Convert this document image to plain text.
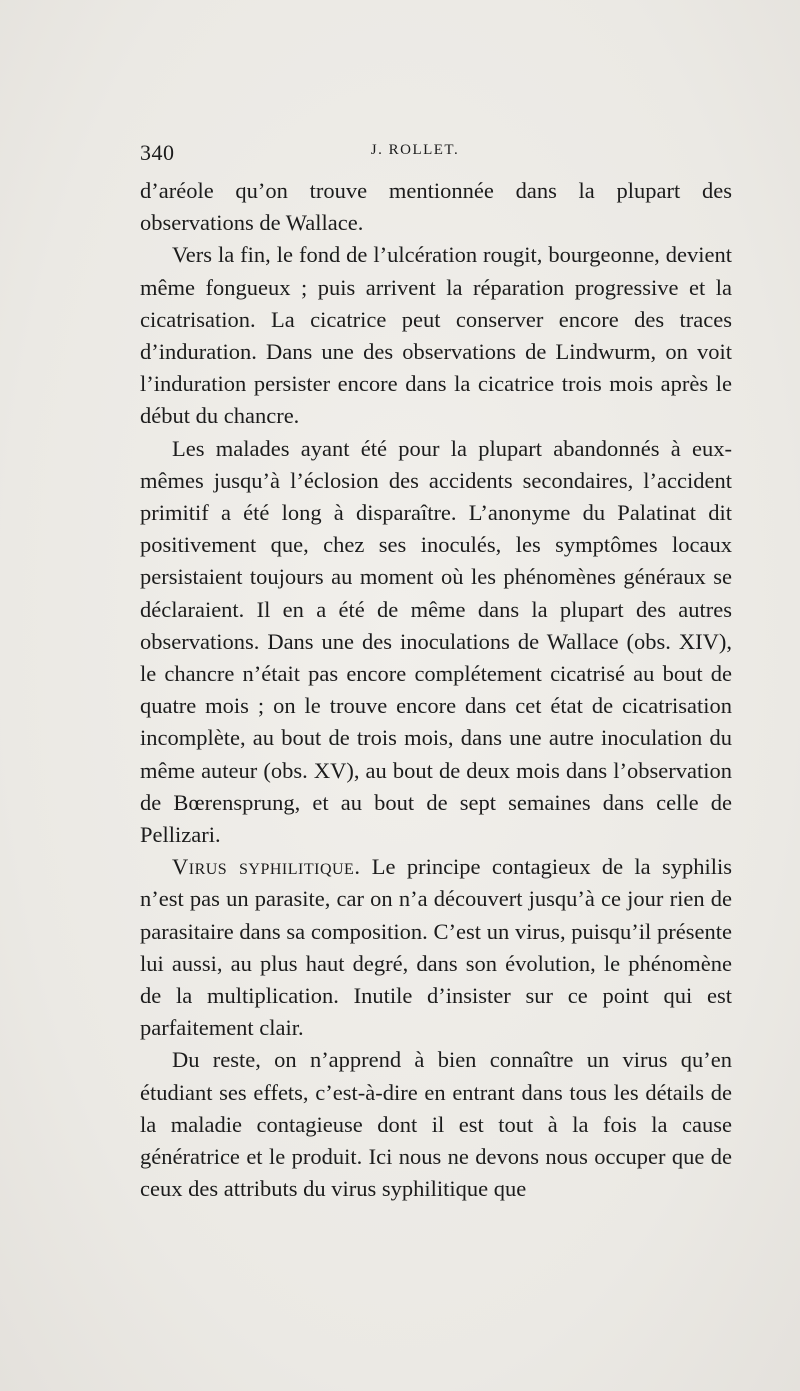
340	J. ROLLET.

d’aréole qu’on trouve mentionnée dans la plupart des observations de Wallace.

Vers la fin, le fond de l’ulcération rougit, bourgeonne, devient même fongueux ; puis arrivent la réparation progressive et la cicatrisation. La cicatrice peut conserver encore des traces d’induration. Dans une des observations de Lindwurm, on voit l’induration persister encore dans la cicatrice trois mois après le début du chancre.

Les malades ayant été pour la plupart abandonnés à eux-mêmes jusqu’à l’éclosion des accidents secondaires, l’accident primitif a été long à disparaître. L’anonyme du Palatinat dit positivement que, chez ses inoculés, les symptômes locaux persistaient toujours au moment où les phénomènes généraux se déclaraient. Il en a été de même dans la plupart des autres observations. Dans une des inoculations de Wallace (obs. XIV), le chancre n’était pas encore complétement cicatrisé au bout de quatre mois ; on le trouve encore dans cet état de cicatrisation incomplète, au bout de trois mois, dans une autre inoculation du même auteur (obs. XV), au bout de deux mois dans l’observation de Bœrensprung, et au bout de sept semaines dans celle de Pellizari.

Virus syphilitique. Le principe contagieux de la syphilis n’est pas un parasite, car on n’a découvert jusqu’à ce jour rien de parasitaire dans sa composition. C’est un virus, puisqu’il présente lui aussi, au plus haut degré, dans son évolution, le phénomène de la multiplication. Inutile d’insister sur ce point qui est parfaitement clair.

Du reste, on n’apprend à bien connaître un virus qu’en étudiant ses effets, c’est-à-dire en entrant dans tous les détails de la maladie contagieuse dont il est tout à la fois la cause génératrice et le produit. Ici nous ne devons nous occuper que de ceux des attributs du virus syphilitique que
